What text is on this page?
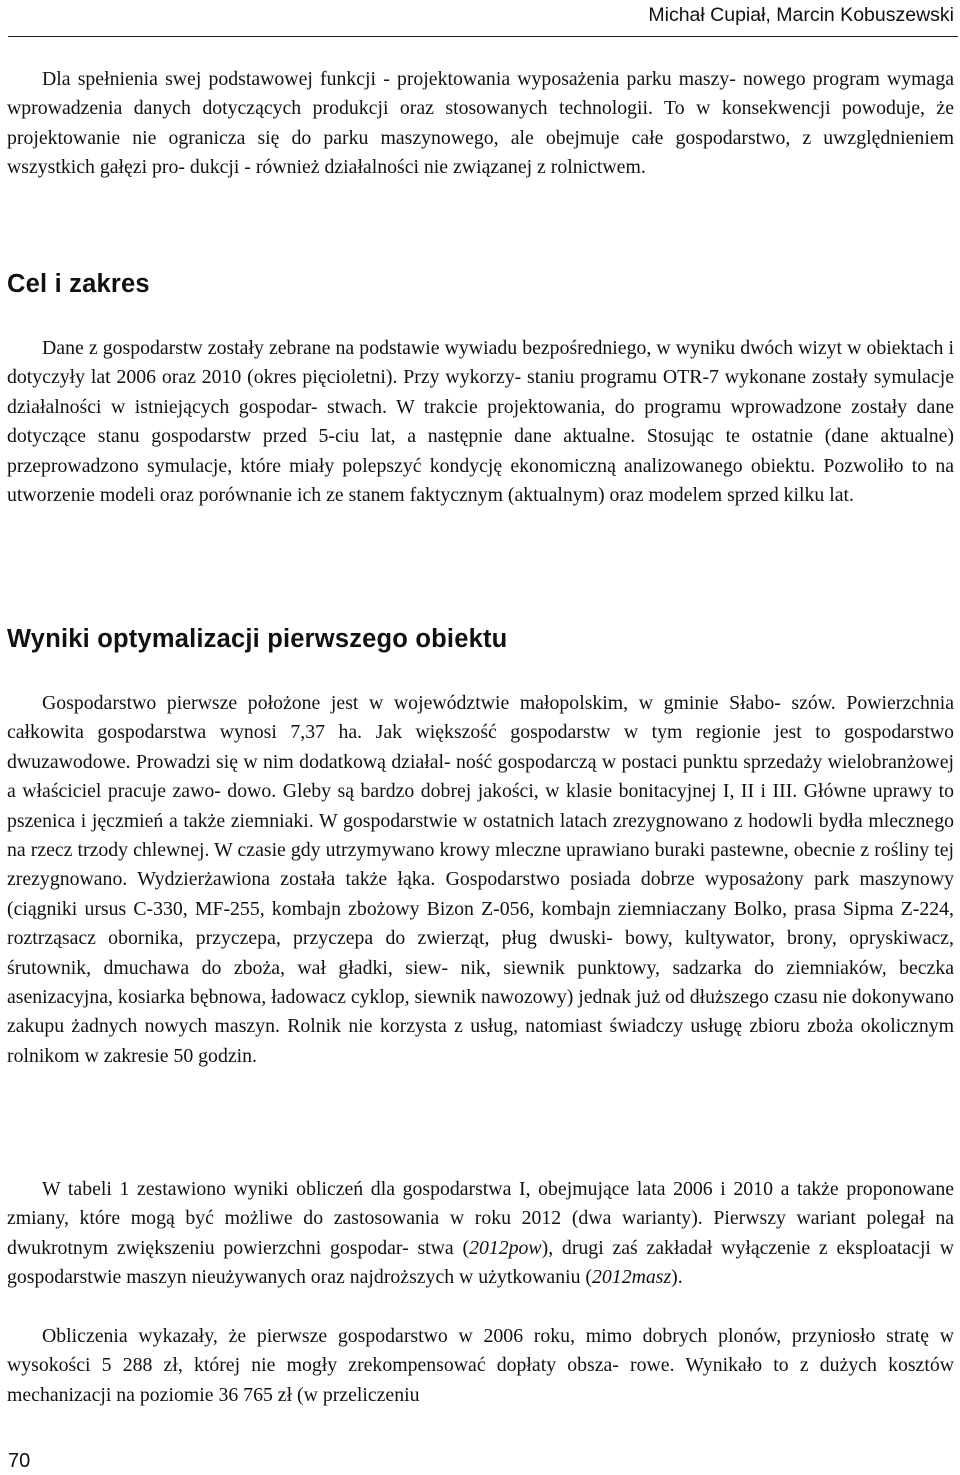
Michał Cupiał, Marcin Kobuszewski

Dla spełnienia swej podstawowej funkcji - projektowania wyposażenia parku maszy- nowego program wymaga wprowadzenia danych dotyczących produkcji oraz stosowanych technologii. To w konsekwencji powoduje, że projektowanie nie ogranicza się do parku maszynowego, ale obejmuje całe gospodarstwo, z uwzględnieniem wszystkich gałęzi pro- dukcji - również działalności nie związanej z rolnictwem.

Cel i zakres

Dane z gospodarstw zostały zebrane na podstawie wywiadu bezpośredniego, w wyniku dwóch wizyt w obiektach i dotyczyły lat 2006 oraz 2010 (okres pięcioletni). Przy wykorzy- staniu programu OTR-7 wykonane zostały symulacje działalności w istniejących gospodar- stwach. W trakcie projektowania, do programu wprowadzone zostały dane dotyczące stanu gospodarstw przed 5-ciu lat, a następnie dane aktualne. Stosując te ostatnie (dane aktualne) przeprowadzono symulacje, które miały polepszyć kondycję ekonomiczną analizowanego obiektu. Pozwoliło to na utworzenie modeli oraz porównanie ich ze stanem faktycznym (aktualnym) oraz modelem sprzed kilku lat.

Wyniki optymalizacji pierwszego obiektu

Gospodarstwo pierwsze położone jest w województwie małopolskim, w gminie Słabo- szów. Powierzchnia całkowita gospodarstwa wynosi 7,37 ha. Jak większość gospodarstw w tym regionie jest to gospodarstwo dwuzawodowe. Prowadzi się w nim dodatkową działal- ność gospodarczą w postaci punktu sprzedaży wielobranżowej a właściciel pracuje zawo- dowo. Gleby są bardzo dobrej jakości, w klasie bonitacyjnej I, II i III. Główne uprawy to pszenica i jęczmień a także ziemniaki. W gospodarstwie w ostatnich latach zrezygnowano z hodowli bydła mlecznego na rzecz trzody chlewnej. W czasie gdy utrzymywano krowy mleczne uprawiano buraki pastewne, obecnie z rośliny tej zrezygnowano. Wydzierżawiona została także łąka. Gospodarstwo posiada dobrze wyposażony park maszynowy (ciągniki ursus C-330, MF-255, kombajn zbożowy Bizon Z-056, kombajn ziemniaczany Bolko, prasa Sipma Z-224, roztrząsacz obornika, przyczepa, przyczepa do zwierząt, pług dwuski- bowy, kultywator, brony, opryskiwacz, śrutownik, dmuchawa do zboża, wał gładki, siew- nik, siewnik punktowy, sadzarka do ziemniaków, beczka asenizacyjna, kosiarka bębnowa, ładowacz cyklop, siewnik nawozowy) jednak już od dłuższego czasu nie dokonywano zakupu żadnych nowych maszyn. Rolnik nie korzysta z usług, natomiast świadczy usługę zbioru zboża okolicznym rolnikom w zakresie 50 godzin.

W tabeli 1 zestawiono wyniki obliczeń dla gospodarstwa I, obejmujące lata 2006 i 2010 a także proponowane zmiany, które mogą być możliwe do zastosowania w roku 2012 (dwa warianty). Pierwszy wariant polegał na dwukrotnym zwiększeniu powierzchni gospodar- stwa (2012pow), drugi zaś zakładał wyłączenie z eksploatacji w gospodarstwie maszyn nieużywanych oraz najdroższych w użytkowaniu (2012masz).

Obliczenia wykazały, że pierwsze gospodarstwo w 2006 roku, mimo dobrych plonów, przyniosło stratę w wysokości 5 288 zł, której nie mogły zrekompensować dopłaty obsza- rowe. Wynikało to z dużych kosztów mechanizacji na poziomie 36 765 zł (w przeliczeniu

70
